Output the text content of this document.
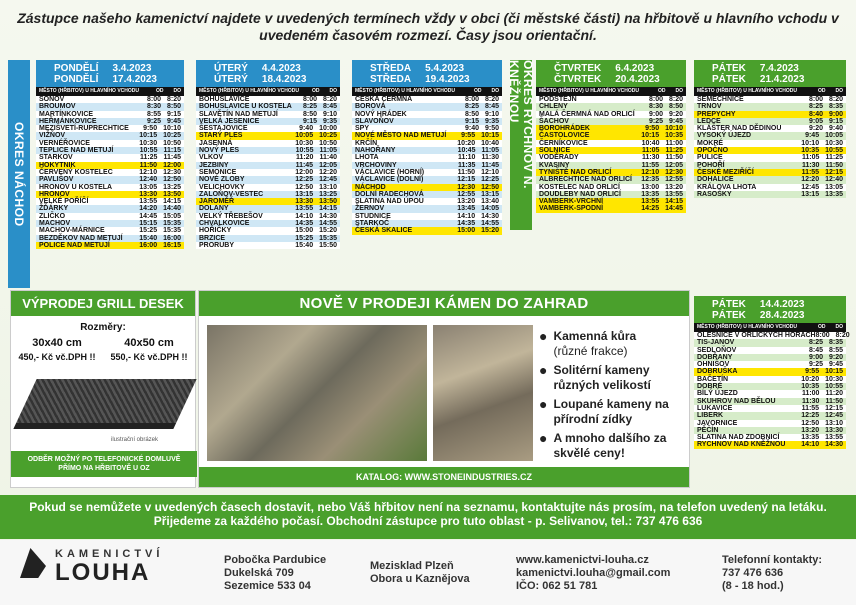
Zástupce našeho kamenictví najdete v uvedených termínech vždy v obci (či městské části) na hřbitově u hlavního vchodu v uvedeném časovém rozmezí. Časy jsou orientační.
OKRES NÁCHOD	OKRES RYCHNOV N. KNĚŽNOU
PONDĚLÍ 3.4.2023
PONDĚLÍ 17.4.2023
MĚSTO (HŘBITOV) U HLAVNÍHO VCHODU	OD DO
ŠONOV	8:00 8:20
BROUMOV	8:30 8:50
MARTÍNKOVICE	8:55 9:15
HEŘMÁNKOVICE	9:25 9:45
MEZIŠVETÍ-RUPRECHTICE 9:50 10:10
VIŽŇOV	10:15 10:25
VERNÉŘOVICE	10:30 10:50
TEPLICE NAD METUJÍ	10:55 11:15
STARKOV	11:25 11:45
HOKYTNIK	11:50 12:00
ČERVENÝ KOSTELEC	12:10 12:30
PAVLIŠOV	12:40 12:50
HRONOV U KOSTELA	13:05 13:25
HRONOV	13:30 13:50
VELKÉ POŘÍČÍ	13:55 14:15
ŽĎÁRKY	14:20 14:40
ZLIČKO	14:45 15:05
MACHOV	15:15 15:35
MACHOV-MÁRNICE	15:25 15:35
BEZDĚKOV NAD METUJÍ 15:40 16:00
POLICE NAD METUJÍ	16:00 16:15
ÚTERÝ 4.4.2023
ÚTERÝ 18.4.2023
MĚSTO (HŘBITOV) U HLAVNÍHO VCHODU	OD DO
BOHUSLAVICE	8:00 8:20
BOHUSLAVICE U KOSTELA 8:25 8:45
SLAVĚTÍN NAD METUJÍ	8:50 9:10
VELKÁ JESENICE	9:15 9:35
ŠESTAJOVICE	9:40 10:00
STARÝ PLES	10:05 10:25
JASENNÁ	10:30 10:50
NOVÝ PLES	10:55 11:05
VLKOV	11:20 11:40
JEZBINY	11:45 12:05
SEMONICE	12:00 12:20
NOVÉ ZLOBY	12:25 12:45
VELICHOVKY	12:50 13:10
ZALOŇOV-VESTEC	13:15 13:25
JAROMĚŘ	13:30 13:50
DOLANY	13:55 14:15
VELKÝ TŘEBEŠOV	14:10 14:30
CHVALKOVICE	14:35 14:55
HOŘIČKY	15:00 15:20
BRZICE	15:25 15:35
PRORUBY	15:40 15:50
STŘEDA 5.4.2023
STŘEDA 19.4.2023
MĚSTO (HŘBITOV) U HLAVNÍHO VCHODU	OD DO
ČESKÁ ČERMNÁ	8:00 8:20
BOROVÁ	8:25 8:45
NOVÝ HRÁDEK	8:50 9:10
SLAVOŇOV	9:15 9:35
SPY	9:40 9:50
NOVÉ MĚSTO NAD METUJÍ 9:55 10:15
KRČÍN	10:20 10:40
NAHOŘANY	10:45 11:05
LHOTA	11:10 11:30
VRCHOVINY	11:35 11:45
VÁCLAVICE (HORNÍ)	11:50 12:10
VÁCLAVICE (DOLNÍ)	12:15 12:25
NÁCHOD	12:30 12:50
DOLNÍ RADECHOVÁ	12:55 13:15
SLATINA NAD ÚPOU	13:20 13:40
ŽERNOV	13:45 14:05
STUDNICE	14:10 14:30
STARKOČ	14:35 14:55
ČESKÁ SKALICE	15:00 15:20
ČTVRTEK 6.4.2023
ČTVRTEK 20.4.2023
MĚSTO (HŘBITOV) U HLAVNÍHO VCHODU	OD DO
PODSTEJN	8:00 8:20
CHLENY	8:30 8:50
MALÁ ČERMNÁ NAD ORLICÍ 9:00 9:20
ŠACHOV	9:25 9:45
BOROHRÁDEK	9:50 10:10
ČASTOLOVICE	10:15 10:35
ČERNÍKOVICE	10:40 11:00
SOLNICE	11:05 11:25
VODĚRADY	11:30 11:50
KVASINY	11:55 12:05
TYNIŠTĚ NAD ORLICÍ	12:10 12:30
ALBRECHTICE NAD ORLICÍ 12:35 12:55
KOSTELEC NAD ORLICÍ	13:00 13:20
DOUDLEBY NAD ORLICÍ	13:35 13:55
VAMBERK-VRCHNÍ	13:55 14:15
VAMBERK-SPODNÍ	14:25 14:45
PÁTEK 7.4.2023
PÁTEK 21.4.2023
MĚSTO (HŘBITOV) U HLAVNÍHO VCHODU	OD DO
SEMECHNICE	8:00 8:20
TRNOV	8:25 8:35
PREPYCHY	8:40 9:00
LEDCE	9:05 9:15
KLÁŠTER NAD DĚDINOU	9:20 9:40
VYSOKÝ ÚJEZD	9:45 10:05
MOKRÉ	10:10 10:30
OPOČNO	10:35 10:55
PULICE	11:05 11:25
POHOŘÍ	11:30 11:50
ČESKÉ MEZIŘÍČÍ	11:55 12:15
DOHALICE	12:20 12:40
KRÁLOVA LHOTA	12:45 13:05
RASOŠKY	13:15 13:35
PÁTEK 14.4.2023
PÁTEK 28.4.2023
MĚSTO (HŘBITOV) U HLAVNÍHO VCHODU	OD DO
OLEŠNICE V ORLICKÝCH HORÁCH 8:00 8:20
TIS-JANOV	8:25 8:35
SEDLOŇOV	8:45 8:55
DOBŘANY	9:00 9:20
OHNIŠOV	9:25 9:45
DOBRUŠKA	9:55 10:15
BAČETÍN	10:20 10:30
DOBRÉ	10:35 10:55
BÍLÝ ÚJEZD	11:00 11:20
SKUHROV NAD BĚLOU	11:30 11:50
LUKAVICE	11:55 12:15
LIBERK	12:25 12:45
JAVORNICE	12:50 13:10
PĚČÍN	13:20 13:30
SLATINA NAD ZDOBNICÍ	13:35 13:55
RYCHNOV NAD KNĚŽNOU 14:10 14:30
VÝPRODEJ GRILL DESEK
Rozměry:
30x40 cm	40x50 cm
450,- Kč vč.DPH !! 550,- Kč vč.DPH !!
ilustrační obrázek
ODBĚR MOŽNÝ PO TELEFONICKÉ DOMLUVĚ PŘÍMO NA HŘBITOVĚ U OZ
NOVĚ V PRODEJI KÁMEN DO ZAHRAD
● Kamenná kůra
(různé frakce)
● Solitérní kameny různých velikostí
● Loupané kameny na přírodní zídky
● A mnoho dalšího za skvělé ceny!
KATALOG: WWW.STONEINDUSTRIES.CZ
Pokud se nemůžete v uvedených časech dostavit, nebo Váš hřbitov není na seznamu, kontaktujte nás prosím, na telefon uvedený na letáku. Přijedeme za každého počasí. Obchodní zástupce pro tuto oblast - p. Selivanov, tel.: 737 476 636
KAMENICTVÍ
LOUHA	Pobočka Pardubice
Dukelská 709
Sezemice 533 04
Mezisklad Plzeň
Obora u Kaznějova
www.kamenictvi-louha.cz
kamenictvi.louha@gmail.com
IČO: 062 51 781
Telefonní kontakty:
737 476 636
(8 - 18 hod.)
